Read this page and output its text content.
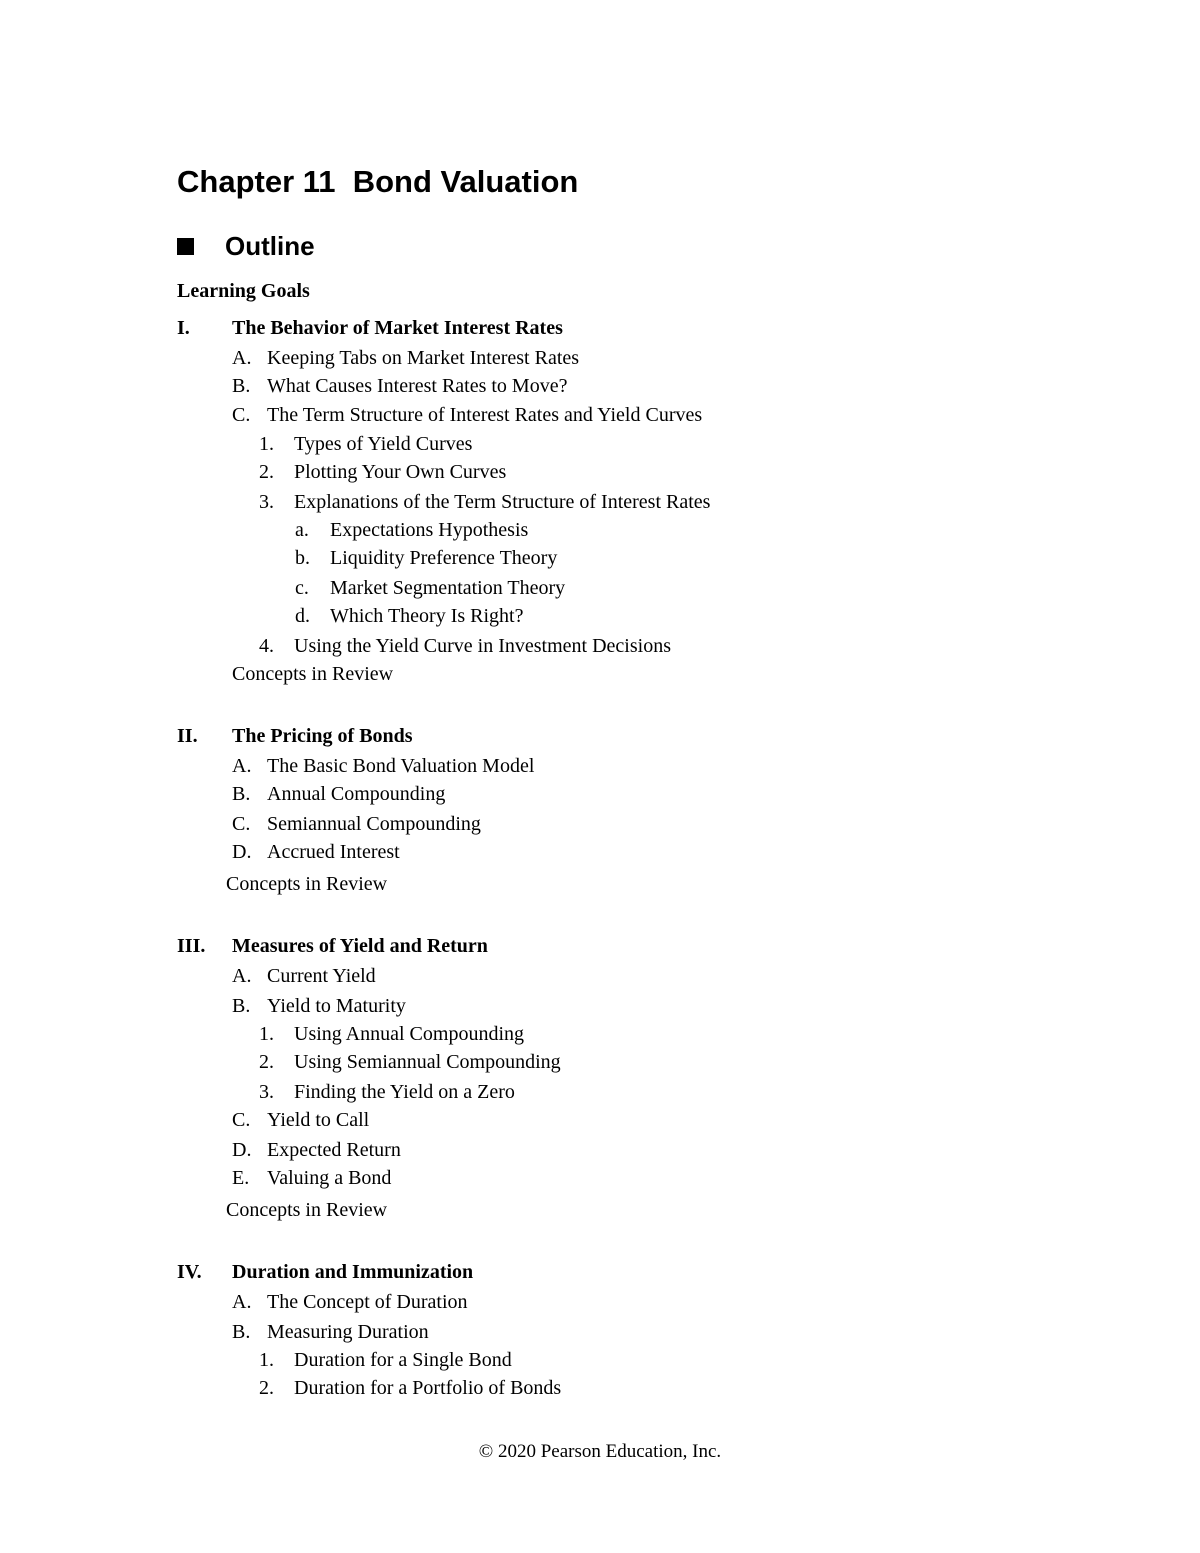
Chapter 11  Bond Valuation
Outline
Learning Goals
I. The Behavior of Market Interest Rates
A. Keeping Tabs on Market Interest Rates
B. What Causes Interest Rates to Move?
C. The Term Structure of Interest Rates and Yield Curves
1. Types of Yield Curves
2. Plotting Your Own Curves
3. Explanations of the Term Structure of Interest Rates
a. Expectations Hypothesis
b. Liquidity Preference Theory
c. Market Segmentation Theory
d. Which Theory Is Right?
4. Using the Yield Curve in Investment Decisions
Concepts in Review
II. The Pricing of Bonds
A. The Basic Bond Valuation Model
B. Annual Compounding
C. Semiannual Compounding
D. Accrued Interest
Concepts in Review
III. Measures of Yield and Return
A. Current Yield
B. Yield to Maturity
1. Using Annual Compounding
2. Using Semiannual Compounding
3. Finding the Yield on a Zero
C. Yield to Call
D. Expected Return
E. Valuing a Bond
Concepts in Review
IV. Duration and Immunization
A. The Concept of Duration
B. Measuring Duration
1. Duration for a Single Bond
2. Duration for a Portfolio of Bonds
© 2020 Pearson Education, Inc.
